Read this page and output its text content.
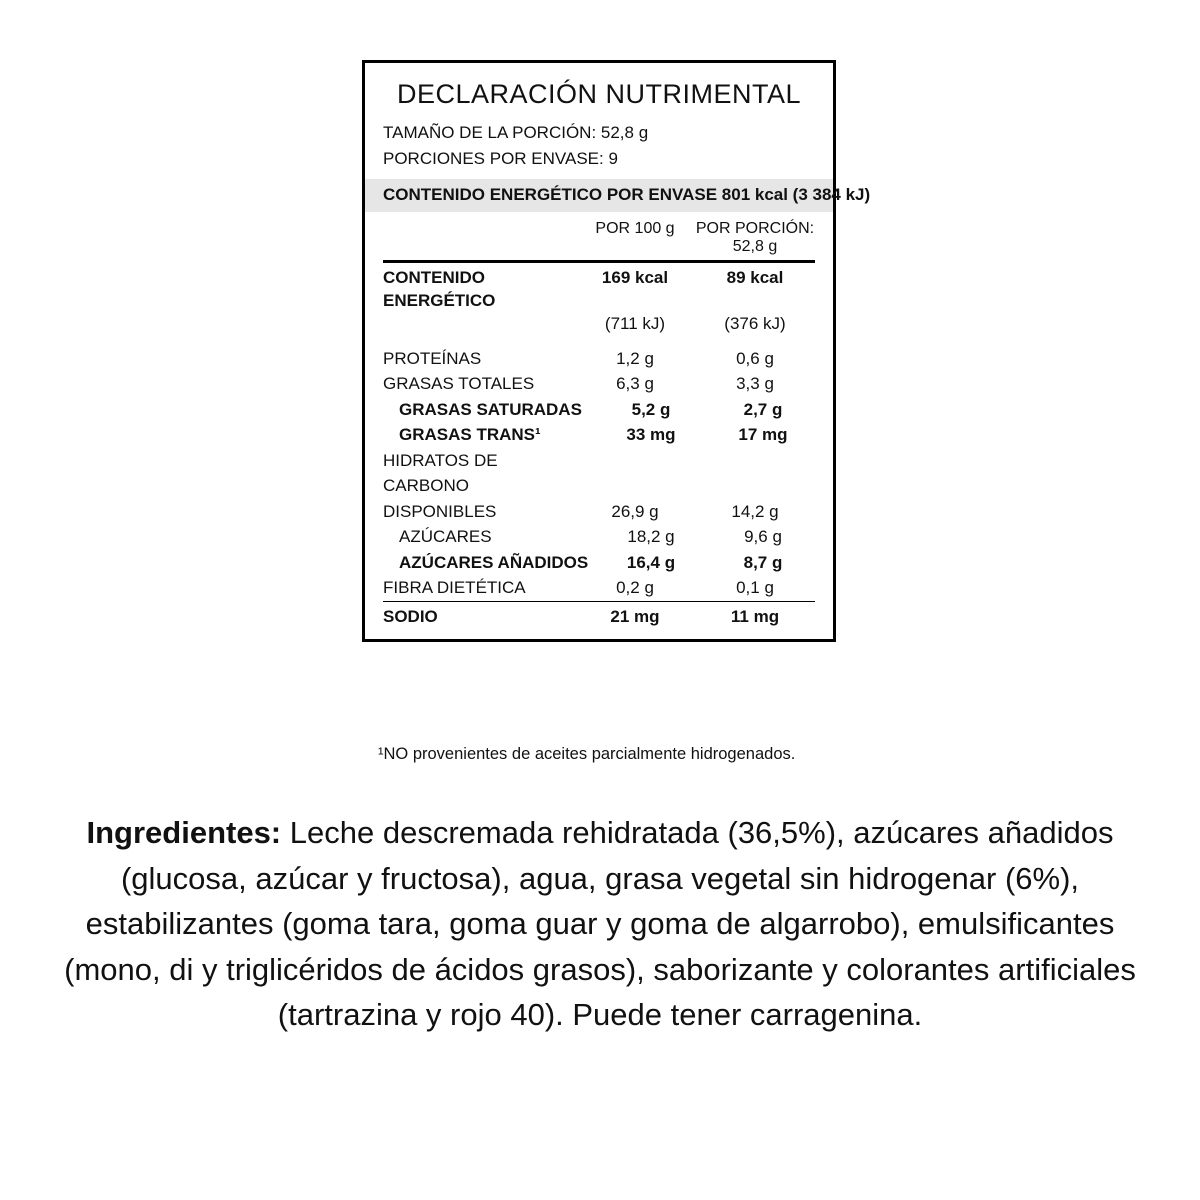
DECLARACIÓN NUTRIMENTAL
TAMAÑO DE LA PORCIÓN: 52,8 g
PORCIONES POR ENVASE: 9
CONTENIDO ENERGÉTICO POR ENVASE 801 kcal (3 384 kJ)
POR 100 g	POR PORCIÓN: 52,8 g
CONTENIDO ENERGÉTICO
169 kcal	89 kcal
(711 kJ)	(376 kJ)
PROTEÍNAS	1,2 g	0,6 g
GRASAS TOTALES	6,3 g	3,3 g
GRASAS SATURADAS	5,2 g	2,7 g
GRASAS TRANS¹	33 mg	17 mg
HIDRATOS DE CARBONO
DISPONIBLES	26,9 g	14,2 g
AZÚCARES	18,2 g	9,6 g
AZÚCARES AÑADIDOS	16,4 g	8,7 g
FIBRA DIETÉTICA	0,2 g	0,1 g
SODIO	21 mg	11 mg
¹NO provenientes de aceites parcialmente hidrogenados.
Ingredientes: Leche descremada rehidratada (36,5%), azúcares añadidos (glucosa, azúcar y fructosa), agua, grasa vegetal sin hidrogenar (6%), estabilizantes (goma tara, goma guar y goma de algarrobo), emulsificantes (mono, di y triglicéridos de ácidos grasos), saborizante y colorantes artificiales (tartrazina y rojo 40). Puede tener carragenina.
